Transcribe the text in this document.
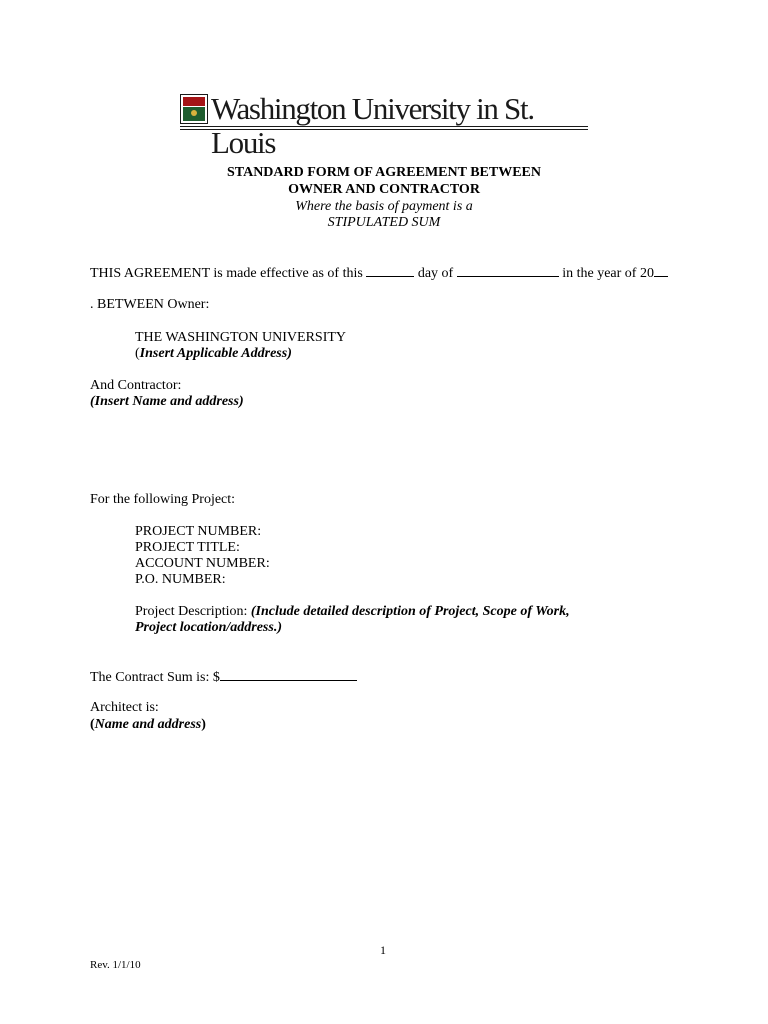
Washington University in St. Louis
STANDARD FORM OF AGREEMENT BETWEEN
OWNER AND CONTRACTOR
Where the basis of payment is a
STIPULATED SUM
THIS AGREEMENT is made effective as of this	day of	in the year of 20
. BETWEEN Owner:
THE WASHINGTON UNIVERSITY
(Insert Applicable Address)
And Contractor:
(Insert Name and address)
For the following Project:
PROJECT NUMBER:
PROJECT TITLE:
ACCOUNT NUMBER:
P.O. NUMBER:
Project Description: (Include detailed description of Project, Scope of Work,
Project location/address.)
The Contract Sum is: $
Architect is:
(Name and address)
1
Rev. 1/1/10
